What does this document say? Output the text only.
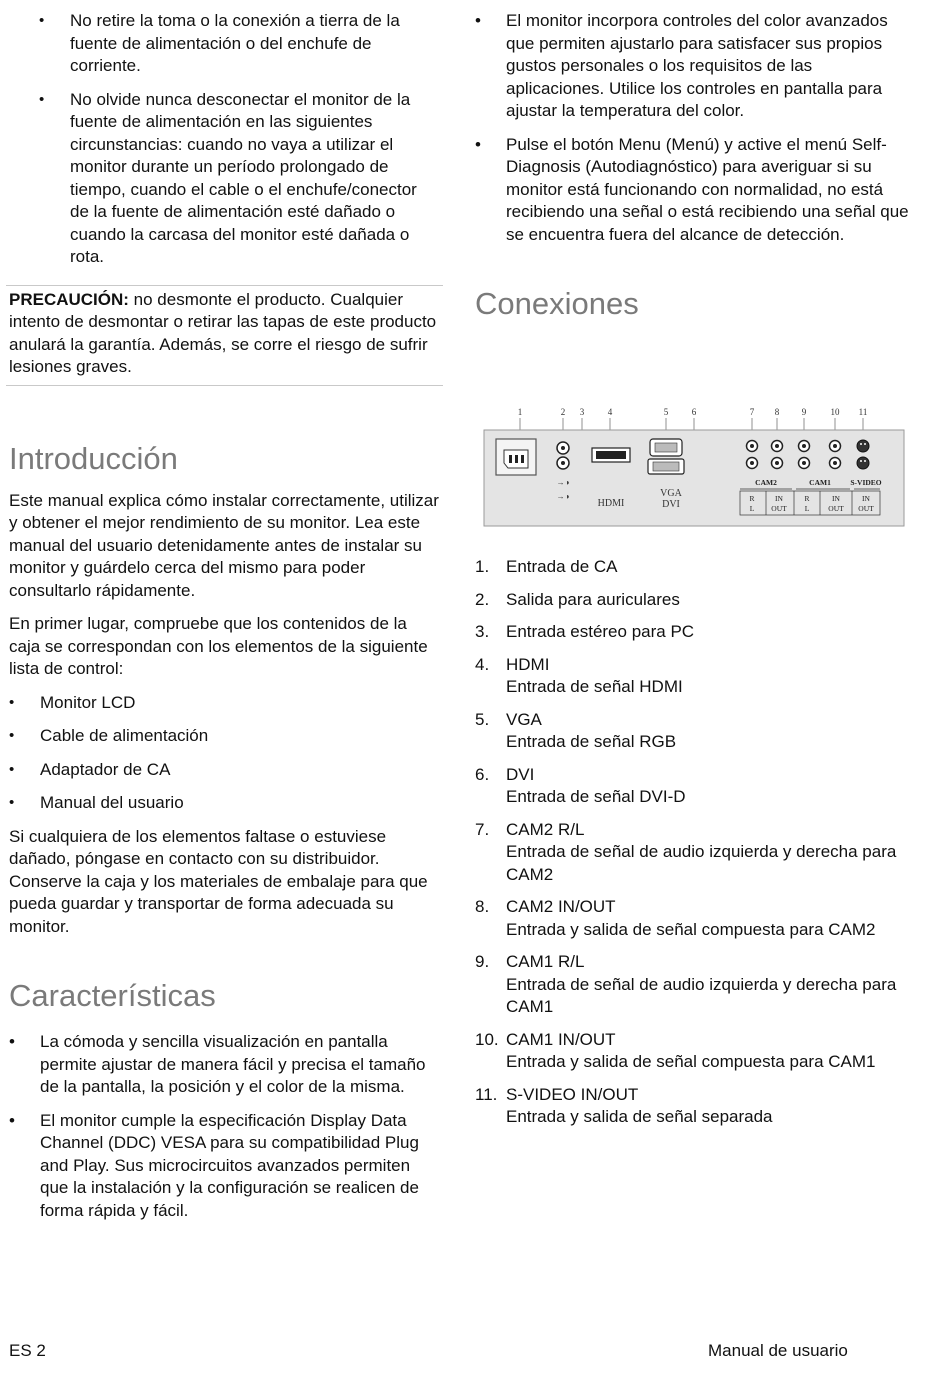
• No retire la toma o la conexión a tierra de la fuente de alimentación o del enchufe de corriente.

• No olvide nunca desconectar el monitor de la fuente de alimentación en las siguientes circunstancias: cuando no vaya a utilizar el monitor durante un período prolongado de tiempo, cuando el cable o el enchufe/conector de la fuente de alimentación esté dañado o cuando la carcasa del monitor esté dañada o rota.

PRECAUCIÓN: no desmonte el producto. Cualquier intento de desmontar o retirar las tapas de este producto anulará la garantía. Además, se corre el riesgo de sufrir lesiones graves.

Introducción

Este manual explica cómo instalar correctamente, utilizar y obtener el mejor rendimiento de su monitor. Lea este manual del usuario detenidamente antes de instalar su monitor y guárdelo cerca del mismo para poder consultarlo rápidamente.

En primer lugar, compruebe que los contenidos de la caja se correspondan con los elementos de la siguiente lista de control:

• Monitor LCD

• Cable de alimentación

• Adaptador de CA

• Manual del usuario

Si cualquiera de los elementos faltase o estuviese dañado, póngase en contacto con su distribuidor. Conserve la caja y los materiales de embalaje para que pueda guardar y transportar de forma adecuada su monitor.

Características

• La cómoda y sencilla visualización en pantalla permite ajustar de manera fácil y precisa el tamaño de la pantalla, la posición y el color de la misma.

• El monitor cumple la especificación Display Data Channel (DDC) VESA para su compatibilidad Plug and Play. Sus microcircuitos avanzados permiten que la instalación y la configuración se realicen de forma rápida y fácil.

• El monitor incorpora controles del color avanzados que permiten ajustarlo para satisfacer sus propios gustos personales o los requisitos de las aplicaciones. Utilice los controles en pantalla para ajustar la temperatura del color.

• Pulse el botón Menu (Menú) y active el menú Self-Diagnosis (Autodiagnóstico) para averiguar si su monitor está funcionando con normalidad, no está recibiendo una señal o está recibiendo una señal que se encuentra fuera del alcance de detección.

Conexiones
1	2 3	4	5	6	7 8	9	10 11
→◑
→◑
HDMI
VGA
DVI
CAM2	CAM1	S-VIDEO
R
L
IN
OUT
R
L
IN
OUT
IN
OUT
1. Entrada de CA
2. Salida para auriculares
3. Entrada estéreo para PC
4. HDMI
Entrada de señal HDMI
5. VGA
Entrada de señal RGB
6. DVI
Entrada de señal DVI-D
7. CAM2 R/L
Entrada de señal de audio izquierda y derecha para CAM2
8. CAM2 IN/OUT
Entrada y salida de señal compuesta para CAM2
9. CAM1 R/L
Entrada de señal de audio izquierda y derecha para CAM1
10. CAM1 IN/OUT
Entrada y salida de señal compuesta para CAM1
11. S-VIDEO IN/OUT
Entrada y salida de señal separada
ES 2	Manual de usuario
